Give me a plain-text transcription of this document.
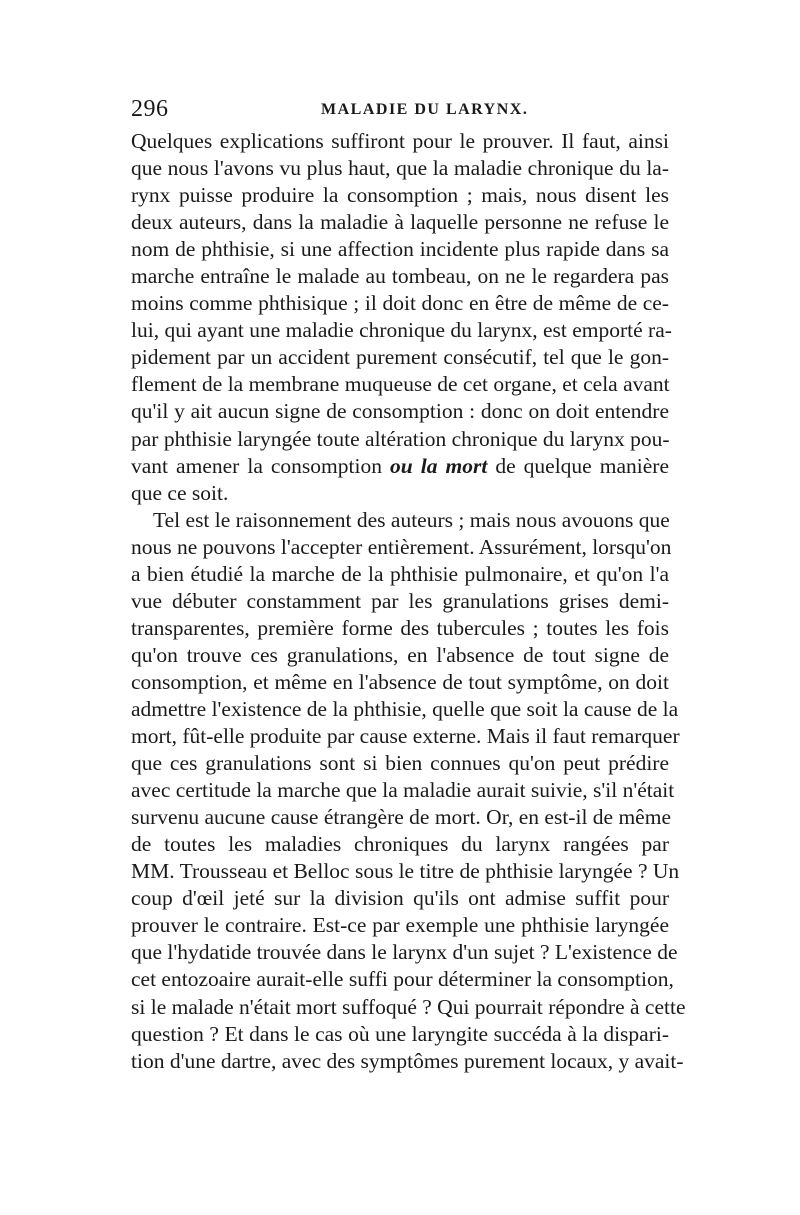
296	MALADIE DU LARYNX.
Quelques explications suffiront pour le prouver. Il faut, ainsi
que nous l'avons vu plus haut, que la maladie chronique du la-
rynx puisse produire la consomption ; mais, nous disent les
deux auteurs, dans la maladie à laquelle personne ne refuse le
nom de phthisie, si une affection incidente plus rapide dans sa
marche entraîne le malade au tombeau, on ne le regardera pas
moins comme phthisique ; il doit donc en être de même de ce-
lui, qui ayant une maladie chronique du larynx, est emporté ra-
pidement par un accident purement consécutif, tel que le gon-
flement de la membrane muqueuse de cet organe, et cela avant
qu'il y ait aucun signe de consomption : donc on doit entendre
par phthisie laryngée toute altération chronique du larynx pou-
vant amener la consomption ou la mort de quelque manière
que ce soit.
Tel est le raisonnement des auteurs ; mais nous avouons que
nous ne pouvons l'accepter entièrement. Assurément, lorsqu'on
a bien étudié la marche de la phthisie pulmonaire, et qu'on l'a
vue débuter constamment par les granulations grises demi-
transparentes, première forme des tubercules ; toutes les fois
qu'on trouve ces granulations, en l'absence de tout signe de
consomption, et même en l'absence de tout symptôme, on doit
admettre l'existence de la phthisie, quelle que soit la cause de la
mort, fût-elle produite par cause externe. Mais il faut remarquer
que ces granulations sont si bien connues qu'on peut prédire
avec certitude la marche que la maladie aurait suivie, s'il n'était
survenu aucune cause étrangère de mort. Or, en est-il de même
de toutes les maladies chroniques du larynx rangées par
MM. Trousseau et Belloc sous le titre de phthisie laryngée ? Un
coup d'œil jeté sur la division qu'ils ont admise suffit pour
prouver le contraire. Est-ce par exemple une phthisie laryngée
que l'hydatide trouvée dans le larynx d'un sujet ? L'existence de
cet entozoaire aurait-elle suffi pour déterminer la consomption,
si le malade n'était mort suffoqué ? Qui pourrait répondre à cette
question ? Et dans le cas où une laryngite succéda à la dispari-
tion d'une dartre, avec des symptômes purement locaux, y avait-
